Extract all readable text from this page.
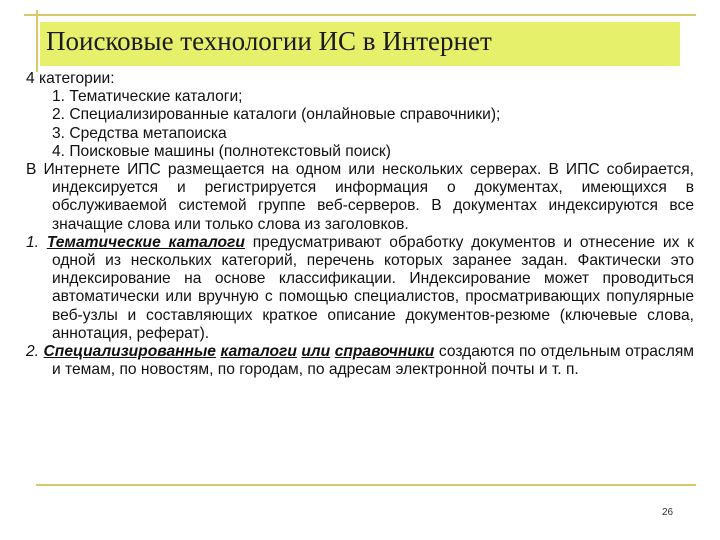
Поисковые технологии ИС в Интернет

4 категории:

1. Тематические каталоги;

2. Специализированные каталоги (онлайновые справочники);

3. Средства метапоиска

4. Поисковые машины (полнотекстовый поиск)

В Интернете ИПС размещается на одном или нескольких серверах. В ИПС собирается, индексируется и регистрируется информация о документах, имеющихся в обслуживаемой системой группе веб-серверов. В документах индексируются все значащие слова или только слова из заголовков.

1. Тематические каталоги предусматривают обработку документов и отнесение их к одной из нескольких категорий, перечень которых заранее задан. Фактически это индексирование на основе классификации. Индексирование может проводиться автоматически или вручную с помощью специалистов, просматривающих популярные веб-узлы и составляющих краткое описание документов-резюме (ключевые слова, аннотация, реферат).

2. Специализированные каталоги или справочники создаются по отдельным отраслям и темам, по новостям, по городам, по адресам электронной почты и т. п.

26
